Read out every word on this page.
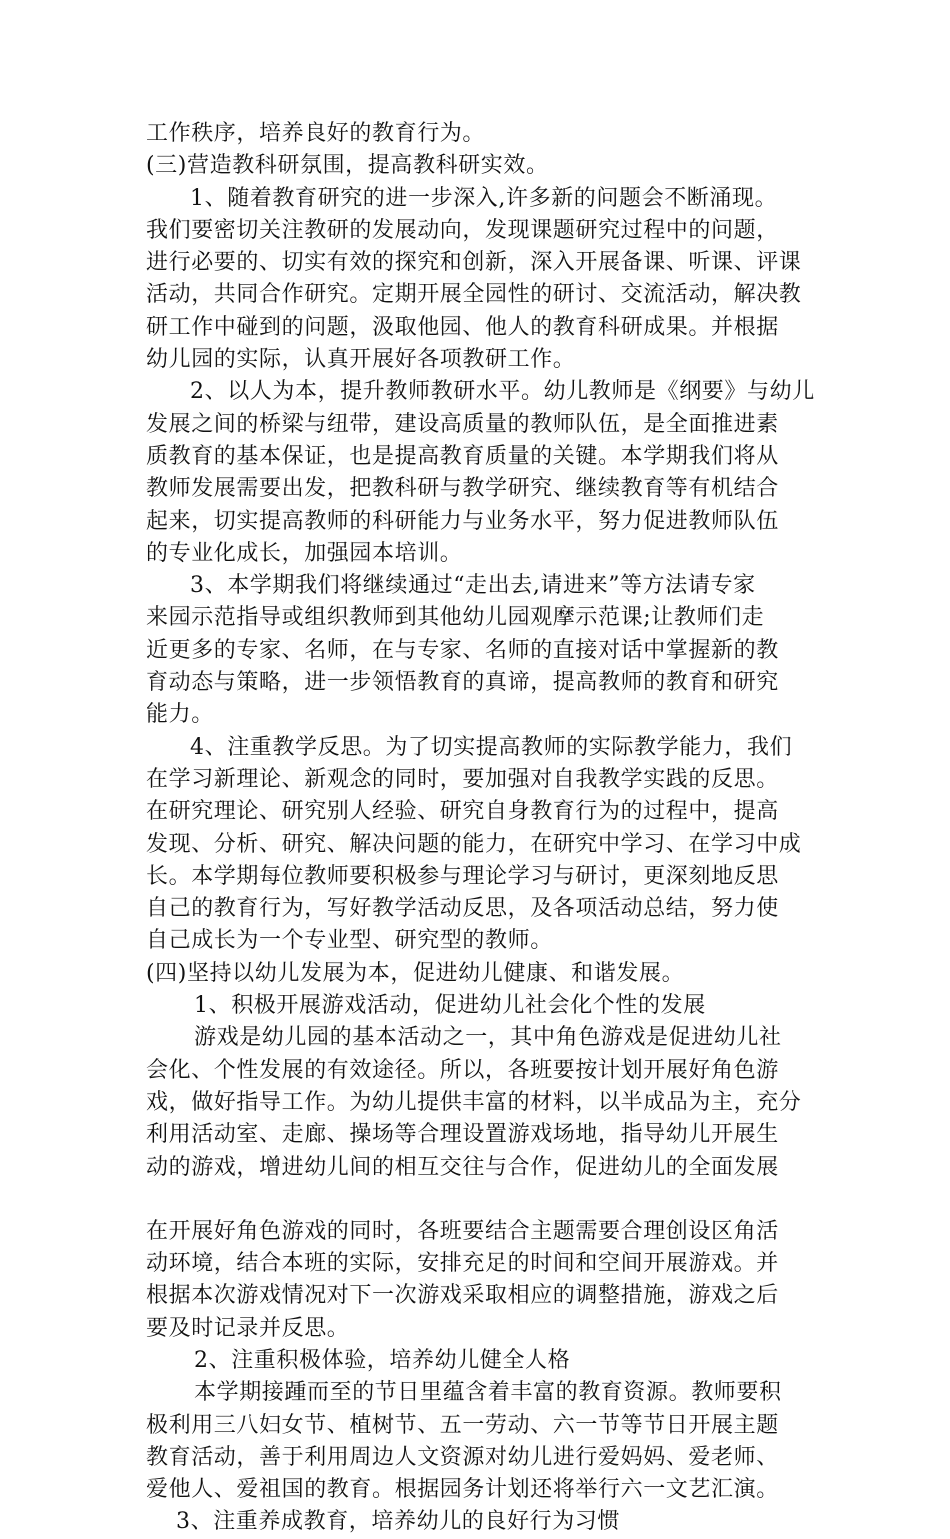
工作秩序，培养良好的教育行为。
(三)营造教科研氛围，提高教科研实效。
1、随着教育研究的进一步深入,许多新的问题会不断涌现。
我们要密切关注教研的发展动向，发现课题研究过程中的问题，
进行必要的、切实有效的探究和创新，深入开展备课、听课、评课
活动，共同合作研究。定期开展全园性的研讨、交流活动，解决教
研工作中碰到的问题，汲取他园、他人的教育科研成果。并根据
幼儿园的实际，认真开展好各项教研工作。
2、以人为本，提升教师教研水平。幼儿教师是《纲要》与幼儿
发展之间的桥梁与纽带，建设高质量的教师队伍，是全面推进素
质教育的基本保证，也是提高教育质量的关键。本学期我们将从
教师发展需要出发，把教科研与教学研究、继续教育等有机结合
起来，切实提高教师的科研能力与业务水平，努力促进教师队伍
的专业化成长，加强园本培训。
3、本学期我们将继续通过“走出去,请进来”等方法请专家
来园示范指导或组织教师到其他幼儿园观摩示范课;让教师们走
近更多的专家、名师，在与专家、名师的直接对话中掌握新的教
育动态与策略，进一步领悟教育的真谛，提高教师的教育和研究
能力。
4、注重教学反思。为了切实提高教师的实际教学能力，我们
在学习新理论、新观念的同时，要加强对自我教学实践的反思。
在研究理论、研究别人经验、研究自身教育行为的过程中，提高
发现、分析、研究、解决问题的能力，在研究中学习、在学习中成
长。本学期每位教师要积极参与理论学习与研讨，更深刻地反思
自己的教育行为，写好教学活动反思，及各项活动总结，努力使
自己成长为一个专业型、研究型的教师。
(四)坚持以幼儿发展为本，促进幼儿健康、和谐发展。
1、积极开展游戏活动，促进幼儿社会化个性的发展
游戏是幼儿园的基本活动之一，其中角色游戏是促进幼儿社
会化、个性发展的有效途径。所以，各班要按计划开展好角色游
戏，做好指导工作。为幼儿提供丰富的材料，以半成品为主，充分
利用活动室、走廊、操场等合理设置游戏场地，指导幼儿开展生
动的游戏，增进幼儿间的相互交往与合作，促进幼儿的全面发展
在开展好角色游戏的同时，各班要结合主题需要合理创设区角活
动环境，结合本班的实际，安排充足的时间和空间开展游戏。并
根据本次游戏情况对下一次游戏采取相应的调整措施，游戏之后
要及时记录并反思。
2、注重积极体验，培养幼儿健全人格
本学期接踵而至的节日里蕴含着丰富的教育资源。教师要积
极利用三八妇女节、植树节、五一劳动、六一节等节日开展主题
教育活动，善于利用周边人文资源对幼儿进行爱妈妈、爱老师、
爱他人、爱祖国的教育。根据园务计划还将举行六一文艺汇演。
3、注重养成教育，培养幼儿的良好行为习惯
